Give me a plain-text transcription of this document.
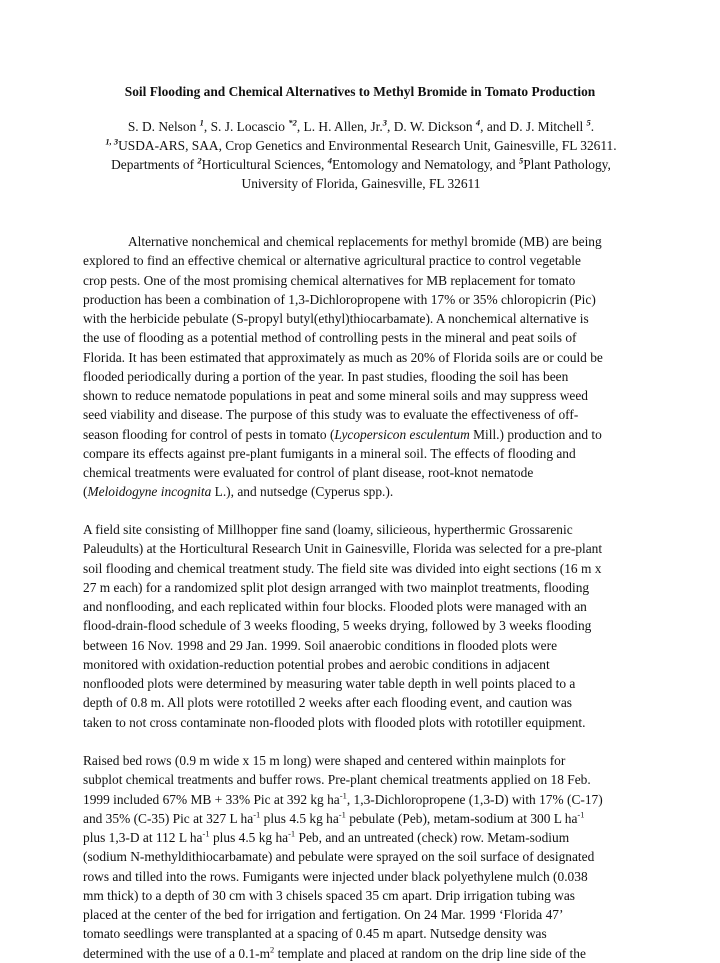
Soil Flooding and Chemical Alternatives to Methyl Bromide in Tomato Production
S. D. Nelson $^1$, S. J. Locascio $^{*2}$, L. H. Allen, Jr.$^3$, D. W. Dickson $^4$, and D. J. Mitchell $^5$.
$^{1, 3}$USDA-ARS, SAA, Crop Genetics and Environmental Research Unit, Gainesville, FL 32611.
Departments of $^2$Horticultural Sciences, $^4$Entomology and Nematology, and $^5$Plant Pathology,
University of Florida, Gainesville, FL 32611
Alternative nonchemical and chemical replacements for methyl bromide (MB) are being
explored to find an effective chemical or alternative agricultural practice to control vegetable
crop pests. One of the most promising chemical alternatives for MB replacement for tomato
production has been a combination of 1,3-Dichloropropene with 17% or 35% chloropicrin (Pic)
with the herbicide pebulate (S-propyl butyl(ethyl)thiocarbamate). A nonchemical alternative is
the use of flooding as a potential method of controlling pests in the mineral and peat soils of
Florida. It has been estimated that approximately as much as 20% of Florida soils are or could be
flooded periodically during a portion of the year. In past studies, flooding the soil has been
shown to reduce nematode populations in peat and some mineral soils and may suppress weed
seed viability and disease. The purpose of this study was to evaluate the effectiveness of off-
season flooding for control of pests in tomato (Lycopersicon esculentum Mill.) production and to
compare its effects against pre-plant fumigants in a mineral soil. The effects of flooding and
chemical treatments were evaluated for control of plant disease, root-knot nematode
(Meloidogyne incognita L.), and nutsedge (Cyperus spp.).
A field site consisting of Millhopper fine sand (loamy, silicieous, hyperthermic Grossarenic
Paleudults) at the Horticultural Research Unit in Gainesville, Florida was selected for a pre-plant
soil flooding and chemical treatment study. The field site was divided into eight sections (16 m x
27 m each) for a randomized split plot design arranged with two mainplot treatments, flooding
and nonflooding, and each replicated within four blocks. Flooded plots were managed with an
flood-drain-flood schedule of 3 weeks flooding, 5 weeks drying, followed by 3 weeks flooding
between 16 Nov. 1998 and 29 Jan. 1999. Soil anaerobic conditions in flooded plots were
monitored with oxidation-reduction potential probes and aerobic conditions in adjacent
nonflooded plots were determined by measuring water table depth in well points placed to a
depth of 0.8 m. All plots were rototilled 2 weeks after each flooding event, and caution was
taken to not cross contaminate non-flooded plots with flooded plots with rototiller equipment.
Raised bed rows (0.9 m wide x 15 m long) were shaped and centered within mainplots for
subplot chemical treatments and buffer rows. Pre-plant chemical treatments applied on 18 Feb.
1999 included 67% MB + 33% Pic at 392 kg $ha^{-1}$, 1,3-Dichloropropene (1,3-D) with 17% (C-17)
and 35% (C-35) Pic at 327 L $ha^{-1}$ plus 4.5 kg $ha^{-1}$ pebulate (Peb), metam-sodium at 300 L $ha^{-1}$
plus 1,3-D at 112 L $ha^{-1}$ plus 4.5 kg $ha^{-1}$ Peb, and an untreated (check) row. Metam-sodium
(sodium N-methyldithiocarbamate) and pebulate were sprayed on the soil surface of designated
rows and tilled into the rows. Fumigants were injected under black polyethylene mulch (0.038
mm thick) to a depth of 30 cm with 3 chisels spaced 35 cm apart. Drip irrigation tubing was
placed at the center of the bed for irrigation and fertigation. On 24 Mar. 1999 ‘Florida 47’
tomato seedlings were transplanted at a spacing of 0.45 m apart. Nutsedge density was
determined with the use of a $0.1-m^2$ template and placed at random on the drip line side of the
